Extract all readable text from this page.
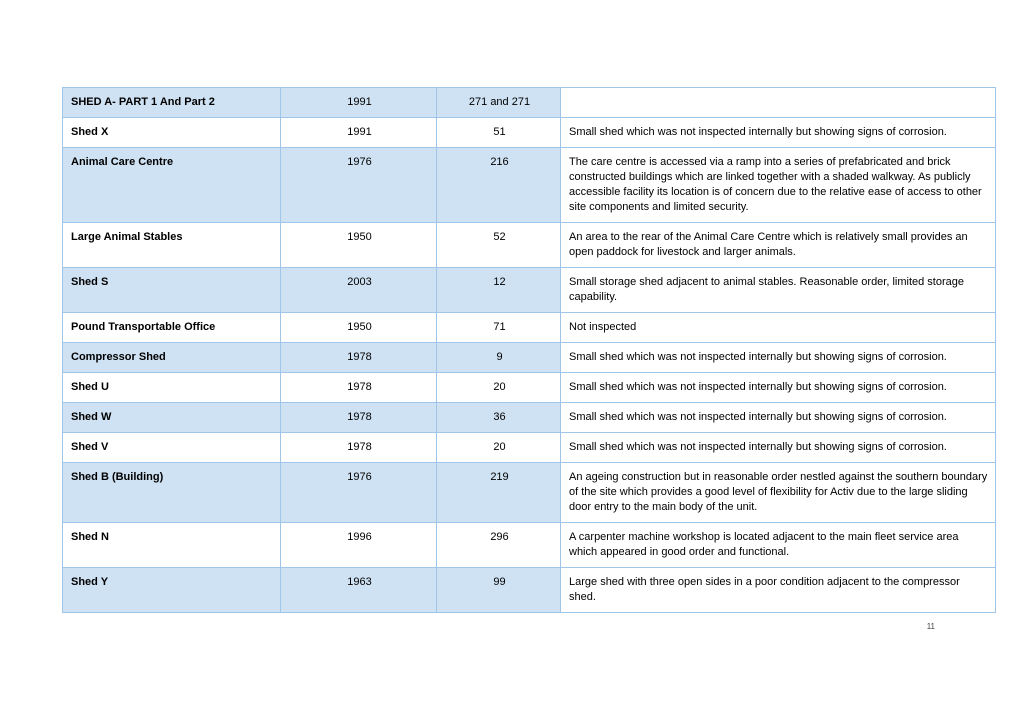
SHED A- PART 1 And Part 2	1991	271 and 271	
Shed X	1991	51	Small shed which was not inspected internally but showing signs of corrosion.
Animal Care Centre	1976	216	The care centre is accessed via a ramp into a series of prefabricated and brick constructed buildings which are linked together with a shaded walkway. As publicly accessible facility its location is of concern due to the relative ease of access to other site components and limited security.
Large Animal Stables	1950	52	An area to the rear of the Animal Care Centre which is relatively small provides an open paddock for livestock and larger animals.
Shed S	2003	12	Small storage shed adjacent to animal stables. Reasonable order, limited storage capability.
Pound Transportable Office	1950	71	Not inspected
Compressor Shed	1978	9	Small shed which was not inspected internally but showing signs of corrosion.
Shed U	1978	20	Small shed which was not inspected internally but showing signs of corrosion.
Shed W	1978	36	Small shed which was not inspected internally but showing signs of corrosion.
Shed V	1978	20	Small shed which was not inspected internally but showing signs of corrosion.
Shed B (Building)	1976	219	An ageing construction but in reasonable order nestled against the southern boundary of the site which provides a good level of flexibility for Activ due to the large sliding door entry to the main body of the unit.
Shed N	1996	296	A carpenter machine workshop is located adjacent to the main fleet service area which appeared in good order and functional.
Shed Y	1963	99	Large shed with three open sides in a poor condition adjacent to the compressor shed.
11
